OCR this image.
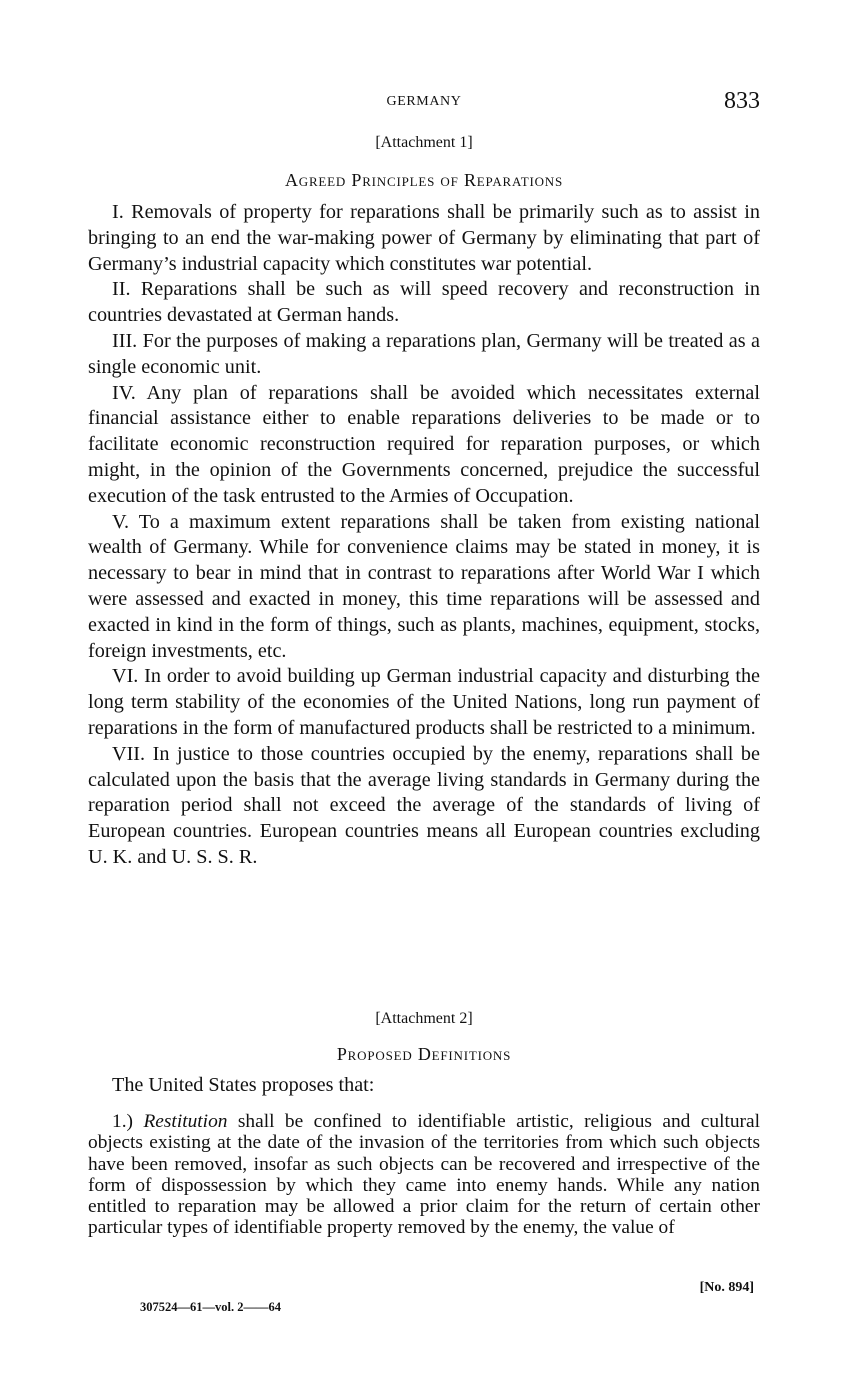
GERMANY	833
[Attachment 1]
Agreed Principles of Reparations

I. Removals of property for reparations shall be primarily such as to assist in bringing to an end the war-making power of Germany by eliminating that part of Germany’s industrial capacity which constitutes war potential.

II. Reparations shall be such as will speed recovery and reconstruction in countries devastated at German hands.

III. For the purposes of making a reparations plan, Germany will be treated as a single economic unit.

IV. Any plan of reparations shall be avoided which necessitates external financial assistance either to enable reparations deliveries to be made or to facilitate economic reconstruction required for reparation purposes, or which might, in the opinion of the Governments concerned, prejudice the successful execution of the task entrusted to the Armies of Occupation.

V. To a maximum extent reparations shall be taken from existing national wealth of Germany. While for convenience claims may be stated in money, it is necessary to bear in mind that in contrast to reparations after World War I which were assessed and exacted in money, this time reparations will be assessed and exacted in kind in the form of things, such as plants, machines, equipment, stocks, foreign investments, etc.

VI. In order to avoid building up German industrial capacity and disturbing the long term stability of the economies of the United Nations, long run payment of reparations in the form of manufactured products shall be restricted to a minimum.

VII. In justice to those countries occupied by the enemy, reparations shall be calculated upon the basis that the average living standards in Germany during the reparation period shall not exceed the average of the standards of living of European countries. European countries means all European countries excluding U. K. and U. S. S. R.

[Attachment 2]
Proposed Definitions
The United States proposes that:

1.) Restitution shall be confined to identifiable artistic, religious and cultural objects existing at the date of the invasion of the territories from which such objects have been removed, insofar as such objects can be recovered and irrespective of the form of dispossession by which they came into enemy hands. While any nation entitled to reparation may be allowed a prior claim for the return of certain other particular types of identifiable property removed by the enemy, the value of

[No. 894]
307524—61—vol. 2——64
